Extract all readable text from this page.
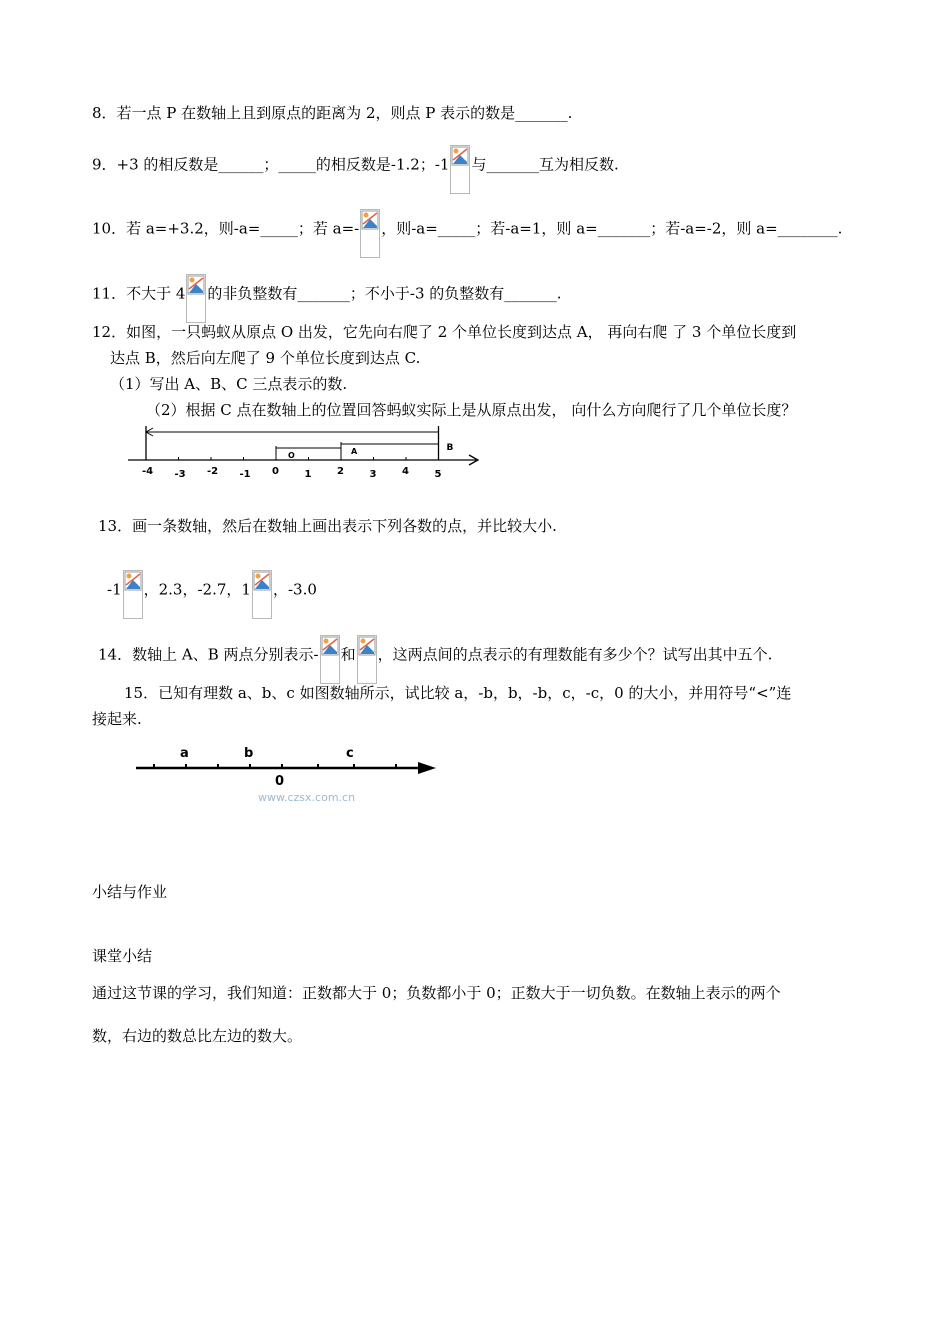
8．若一点 P 在数轴上且到原点的距离为 2，则点 P 表示的数是_______.
9．+3 的相反数是______；_____的相反数是-1.2；-1 与_______互为相反数.
10．若 a=+3.2，则-a=_____；若 a=- ，则-a=_____；若-a=1，则 a=_______；若-a=-2，则 a=________.
11．不大于 4 的非负整数有_______；不小于-3 的负整数有_______.
12．如图，一只蚂蚁从原点 O 出发，它先向右爬了 2 个单位长度到达点 A， 再向右爬 了 3 个单位长度到
达点 B，然后向左爬了 9 个单位长度到达点 C.
（1）写出 A、B、C 三点表示的数.
（2）根据 C 点在数轴上的位置回答蚂蚁实际上是从原点出发， 向什么方向爬行了几个单位长度？
-4 -3 -2 -1 0	1	2	3	4	5
O	A	B
13．画一条数轴，然后在数轴上画出表示下列各数的点，并比较大小.
-1 ，2.3，-2.7，1 ，-3.0
14．数轴上 A、B 两点分别表示- 和 ，这两点间的点表示的有理数能有多少个？试写出其中五个.
15．已知有理数 a、b、c 如图数轴所示，试比较 a，-b，b，-b，c，-c，0 的大小，并用符号“<”连
接起来.
a	b	c
0
www.czsx.com.cn
小结与作业
课堂小结
通过这节课的学习，我们知道：正数都大于 0；负数都小于 0；正数大于一切负数。在数轴上表示的两个
数，右边的数总比左边的数大。
